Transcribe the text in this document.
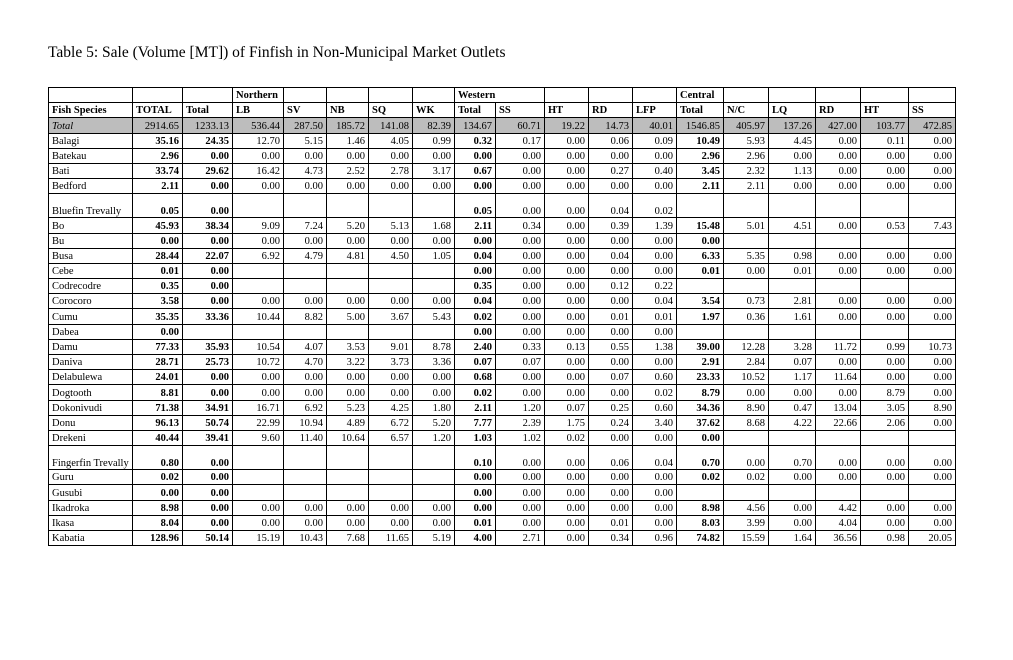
Table 5: Sale (Volume [MT]) of Finfish in Non-Municipal Market Outlets
			Northern					Western					Central					
Fish Species	TOTAL	Total	LB	SV	NB	SQ	WK	Total	SS	HT	RD	LFP	Total	N/C	LQ	RD	HT	SS
Total	2914.65	1233.13	536.44	287.50	185.72	141.08	82.39	134.67	60.71	19.22	14.73	40.01	1546.85	405.97	137.26	427.00	103.77	472.85
Balagi	35.16	24.35	12.70	5.15	1.46	4.05	0.99	0.32	0.17	0.00	0.06	0.09	10.49	5.93	4.45	0.00	0.11	0.00
Batekau	2.96	0.00	0.00	0.00	0.00	0.00	0.00	0.00	0.00	0.00	0.00	0.00	2.96	2.96	0.00	0.00	0.00	0.00
Bati	33.74	29.62	16.42	4.73	2.52	2.78	3.17	0.67	0.00	0.00	0.27	0.40	3.45	2.32	1.13	0.00	0.00	0.00
Bedford	2.11	0.00	0.00	0.00	0.00	0.00	0.00	0.00	0.00	0.00	0.00	0.00	2.11	2.11	0.00	0.00	0.00	0.00
Bluefin Trevally	0.05	0.00						0.05	0.00	0.00	0.04	0.02						
Bo	45.93	38.34	9.09	7.24	5.20	5.13	1.68	2.11	0.34	0.00	0.39	1.39	15.48	5.01	4.51	0.00	0.53	7.43
Bu	0.00	0.00	0.00	0.00	0.00	0.00	0.00	0.00	0.00	0.00	0.00	0.00	0.00					
Busa	28.44	22.07	6.92	4.79	4.81	4.50	1.05	0.04	0.00	0.00	0.04	0.00	6.33	5.35	0.98	0.00	0.00	0.00
Cebe	0.01	0.00						0.00	0.00	0.00	0.00	0.00	0.01	0.00	0.01	0.00	0.00	0.00
Codrecodre	0.35	0.00						0.35	0.00	0.00	0.12	0.22						
Corocoro	3.58	0.00	0.00	0.00	0.00	0.00	0.00	0.04	0.00	0.00	0.00	0.04	3.54	0.73	2.81	0.00	0.00	0.00
Cumu	35.35	33.36	10.44	8.82	5.00	3.67	5.43	0.02	0.00	0.00	0.01	0.01	1.97	0.36	1.61	0.00	0.00	0.00
Dabea	0.00							0.00	0.00	0.00	0.00	0.00						
Damu	77.33	35.93	10.54	4.07	3.53	9.01	8.78	2.40	0.33	0.13	0.55	1.38	39.00	12.28	3.28	11.72	0.99	10.73
Daniva	28.71	25.73	10.72	4.70	3.22	3.73	3.36	0.07	0.07	0.00	0.00	0.00	2.91	2.84	0.07	0.00	0.00	0.00
Delabulewa	24.01	0.00	0.00	0.00	0.00	0.00	0.00	0.68	0.00	0.00	0.07	0.60	23.33	10.52	1.17	11.64	0.00	0.00
Dogtooth	8.81	0.00	0.00	0.00	0.00	0.00	0.00	0.02	0.00	0.00	0.00	0.02	8.79	0.00	0.00	0.00	8.79	0.00
Dokonivudi	71.38	34.91	16.71	6.92	5.23	4.25	1.80	2.11	1.20	0.07	0.25	0.60	34.36	8.90	0.47	13.04	3.05	8.90
Donu	96.13	50.74	22.99	10.94	4.89	6.72	5.20	7.77	2.39	1.75	0.24	3.40	37.62	8.68	4.22	22.66	2.06	0.00
Drekeni	40.44	39.41	9.60	11.40	10.64	6.57	1.20	1.03	1.02	0.02	0.00	0.00	0.00					
Fingerfin Trevally	0.80	0.00						0.10	0.00	0.00	0.06	0.04	0.70	0.00	0.70	0.00	0.00	0.00
Guru	0.02	0.00						0.00	0.00	0.00	0.00	0.00	0.02	0.02	0.00	0.00	0.00	0.00
Gusubi	0.00	0.00						0.00	0.00	0.00	0.00	0.00						
Ikadroka	8.98	0.00	0.00	0.00	0.00	0.00	0.00	0.00	0.00	0.00	0.00	0.00	8.98	4.56	0.00	4.42	0.00	0.00
Ikasa	8.04	0.00	0.00	0.00	0.00	0.00	0.00	0.01	0.00	0.00	0.01	0.00	8.03	3.99	0.00	4.04	0.00	0.00
Kabatia	128.96	50.14	15.19	10.43	7.68	11.65	5.19	4.00	2.71	0.00	0.34	0.96	74.82	15.59	1.64	36.56	0.98	20.05
